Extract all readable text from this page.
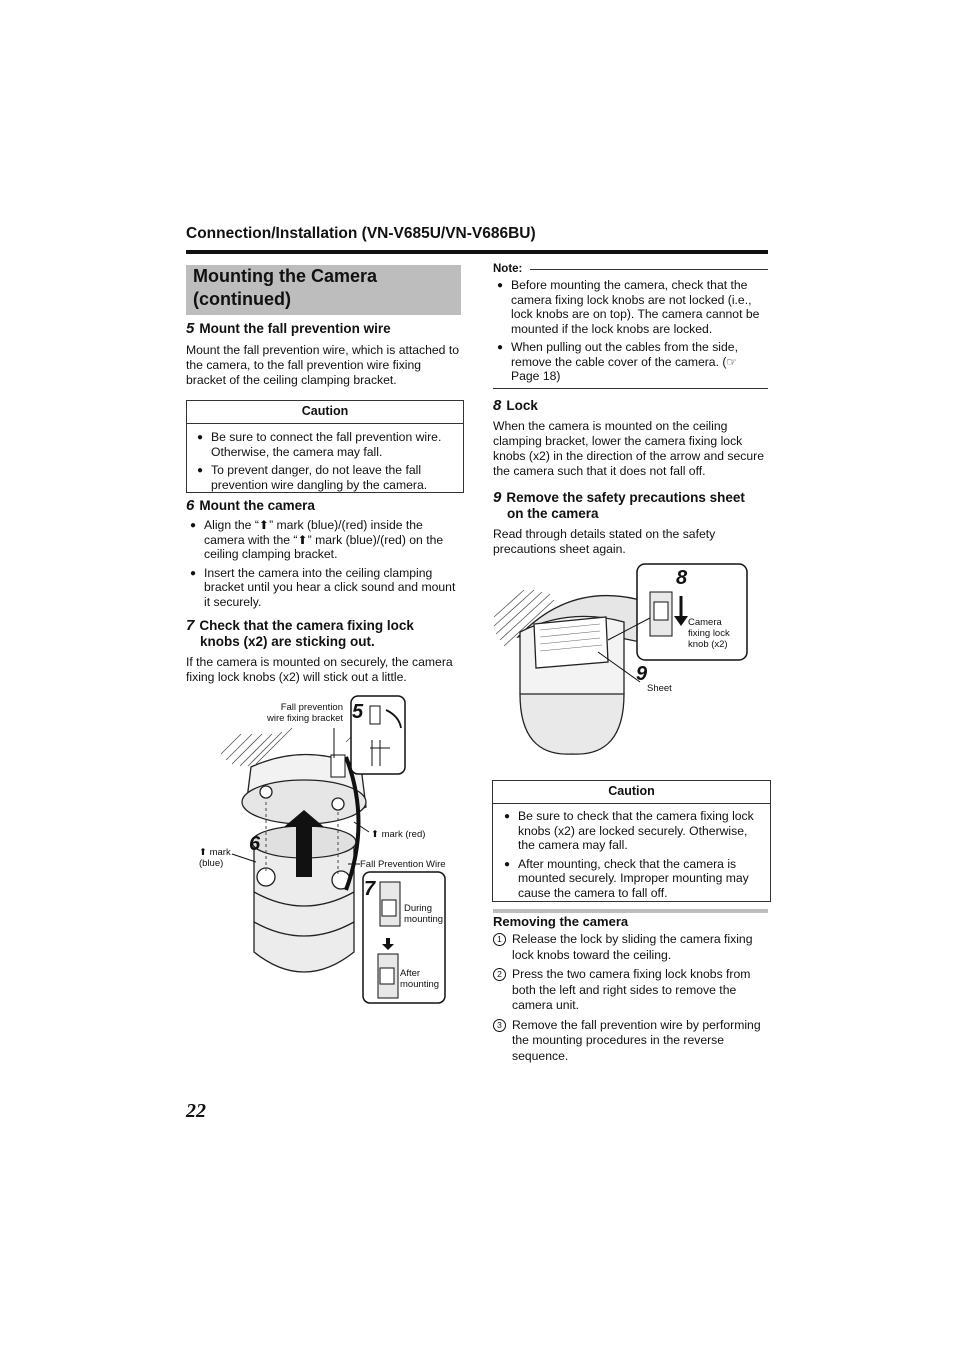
Connection/Installation (VN-V685U/VN-V686BU)
Mounting the Camera
(continued)
5 Mount the fall prevention wire
Mount the fall prevention wire, which is attached to the camera, to the fall prevention wire fixing bracket of the ceiling clamping bracket.
Caution
● Be sure to connect the fall prevention wire. Otherwise, the camera may fall.
● To prevent danger, do not leave the fall prevention wire dangling by the camera.
6 Mount the camera
● Align the “⬆” mark (blue)/(red) inside the camera with the “⬆” mark (blue)/(red) on the ceiling clamping bracket.
● Insert the camera into the ceiling clamping bracket until you hear a click sound and mount it securely.
7 Check that the camera fixing lock
knobs (x2) are sticking out.
If the camera is mounted on securely, the camera fixing lock knobs (x2) will stick out a little.
5
6
7
Fall prevention
wire fixing bracket
⬆ mark (red)
⬆ mark
(blue)	Fall Prevention Wire
During
mounting
After
mounting
Note:
● Before mounting the camera, check that the camera fixing lock knobs are not locked (i.e., lock knobs are on top). The camera cannot be mounted if the lock knobs are locked.
● When pulling out the cables from the side, remove the cable cover of the camera. (☞ Page 18)
8 Lock
When the camera is mounted on the ceiling clamping bracket, lower the camera fixing lock knobs (x2) in the direction of the arrow and secure the camera such that it does not fall off.
9 Remove the safety precautions sheet
on the camera
Read through details stated on the safety precautions sheet again.
8
9
Camera
fixing lock
knob (x2)
Sheet
Caution
● Be sure to check that the camera fixing lock knobs (x2) are locked securely. Otherwise, the camera may fall.
● After mounting, check that the camera is mounted securely. Improper mounting may cause the camera to fall off.
Removing the camera
1 Release the lock by sliding the camera fixing lock knobs toward the ceiling.
2 Press the two camera fixing lock knobs from both the left and right sides to remove the camera unit.
3 Remove the fall prevention wire by performing the mounting procedures in the reverse sequence.
22
